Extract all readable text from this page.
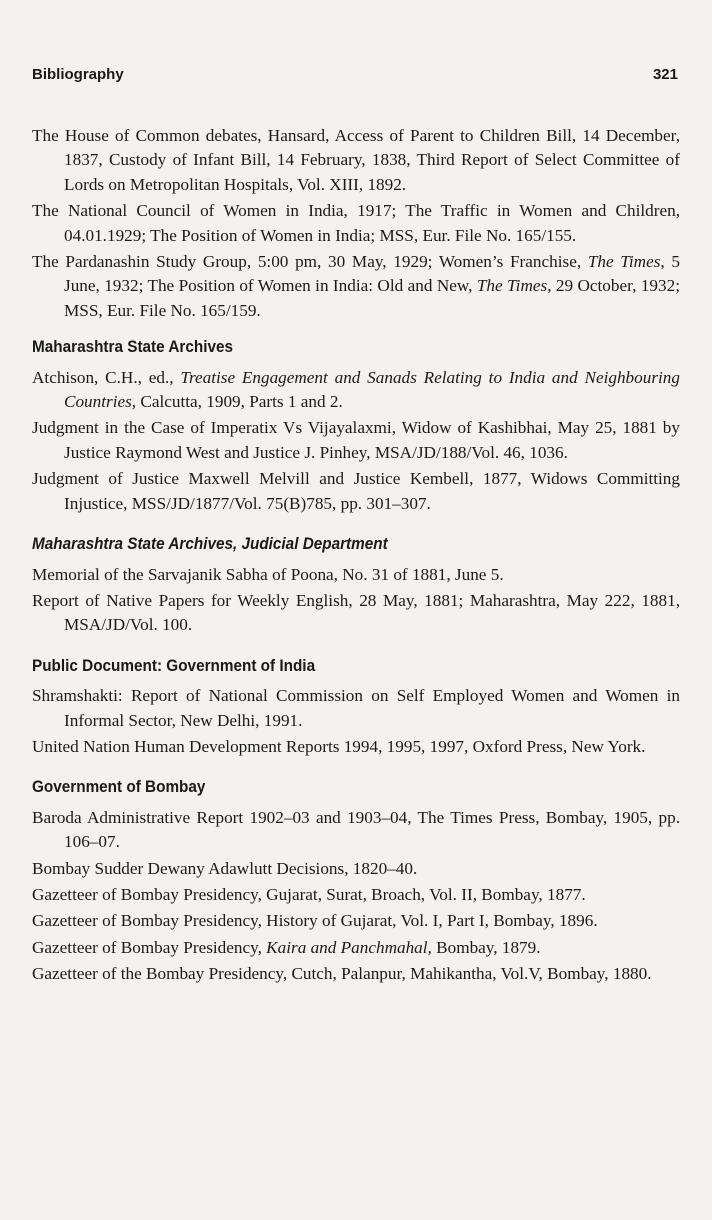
Bibliography	321

The House of Common debates, Hansard, Access of Parent to Children Bill, 14 December, 1837, Custody of Infant Bill, 14 February, 1838, Third Report of Select Committee of Lords on Metropolitan Hospitals, Vol. XIII, 1892.

The National Council of Women in India, 1917; The Traffic in Women and Children, 04.01.1929; The Position of Women in India; MSS, Eur. File No. 165/155.

The Pardanashin Study Group, 5:00 pm, 30 May, 1929; Women’s Franchise, The Times, 5 June, 1932; The Position of Women in India: Old and New, The Times, 29 October, 1932; MSS, Eur. File No. 165/159.

Maharashtra State Archives

Atchison, C.H., ed., Treatise Engagement and Sanads Relating to India and Neighbouring Countries, Calcutta, 1909, Parts 1 and 2.

Judgment in the Case of Imperatix Vs Vijayalaxmi, Widow of Kashibhai, May 25, 1881 by Justice Raymond West and Justice J. Pinhey, MSA/JD/188/Vol. 46, 1036.

Judgment of Justice Maxwell Melvill and Justice Kembell, 1877, Widows Committing Injustice, MSS/JD/1877/Vol. 75(B)785, pp. 301–307.

Maharashtra State Archives, Judicial Department

Memorial of the Sarvajanik Sabha of Poona, No. 31 of 1881, June 5.

Report of Native Papers for Weekly English, 28 May, 1881; Maharashtra, May 222, 1881, MSA/JD/Vol. 100.

Public Document: Government of India

Shramshakti: Report of National Commission on Self Employed Women and Women in Informal Sector, New Delhi, 1991.

United Nation Human Development Reports 1994, 1995, 1997, Oxford Press, New York.

Government of Bombay

Baroda Administrative Report 1902–03 and 1903–04, The Times Press, Bombay, 1905, pp. 106–07.

Bombay Sudder Dewany Adawlutt Decisions, 1820–40.

Gazetteer of Bombay Presidency, Gujarat, Surat, Broach, Vol. II, Bombay, 1877.

Gazetteer of Bombay Presidency, History of Gujarat, Vol. I, Part I, Bombay, 1896.

Gazetteer of Bombay Presidency, Kaira and Panchmahal, Bombay, 1879.

Gazetteer of the Bombay Presidency, Cutch, Palanpur, Mahikantha, Vol.V, Bombay, 1880.
